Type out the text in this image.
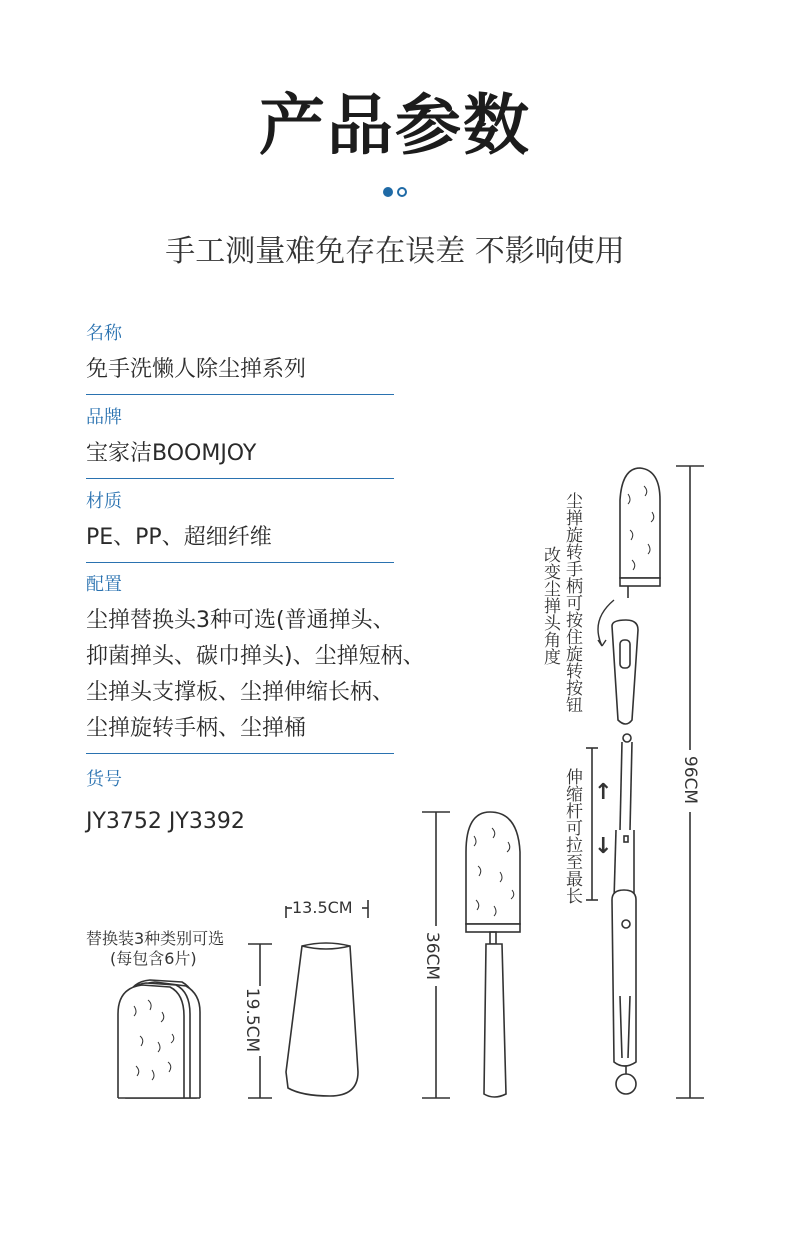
产品参数
手工测量难免存在误差 不影响使用
名称
免手洗懒人除尘掸系列
品牌
宝家洁BOOMJOY
材质
PE、PP、超细纤维
配置
尘掸替换头3种可选(普通掸头、
抑菌掸头、碳巾掸头)、尘掸短柄、
尘掸头支撑板、尘掸伸缩长柄、
尘掸旋转手柄、尘掸桶
货号
JY3752 JY3392
替换装3种类别可选
(每包含6片)
13.5CM
19.5CM
36CM
96CM
尘掸旋转手柄可按住旋转按钮
改变尘掸头角度
伸缩杆可拉至最长 ↑
↓
